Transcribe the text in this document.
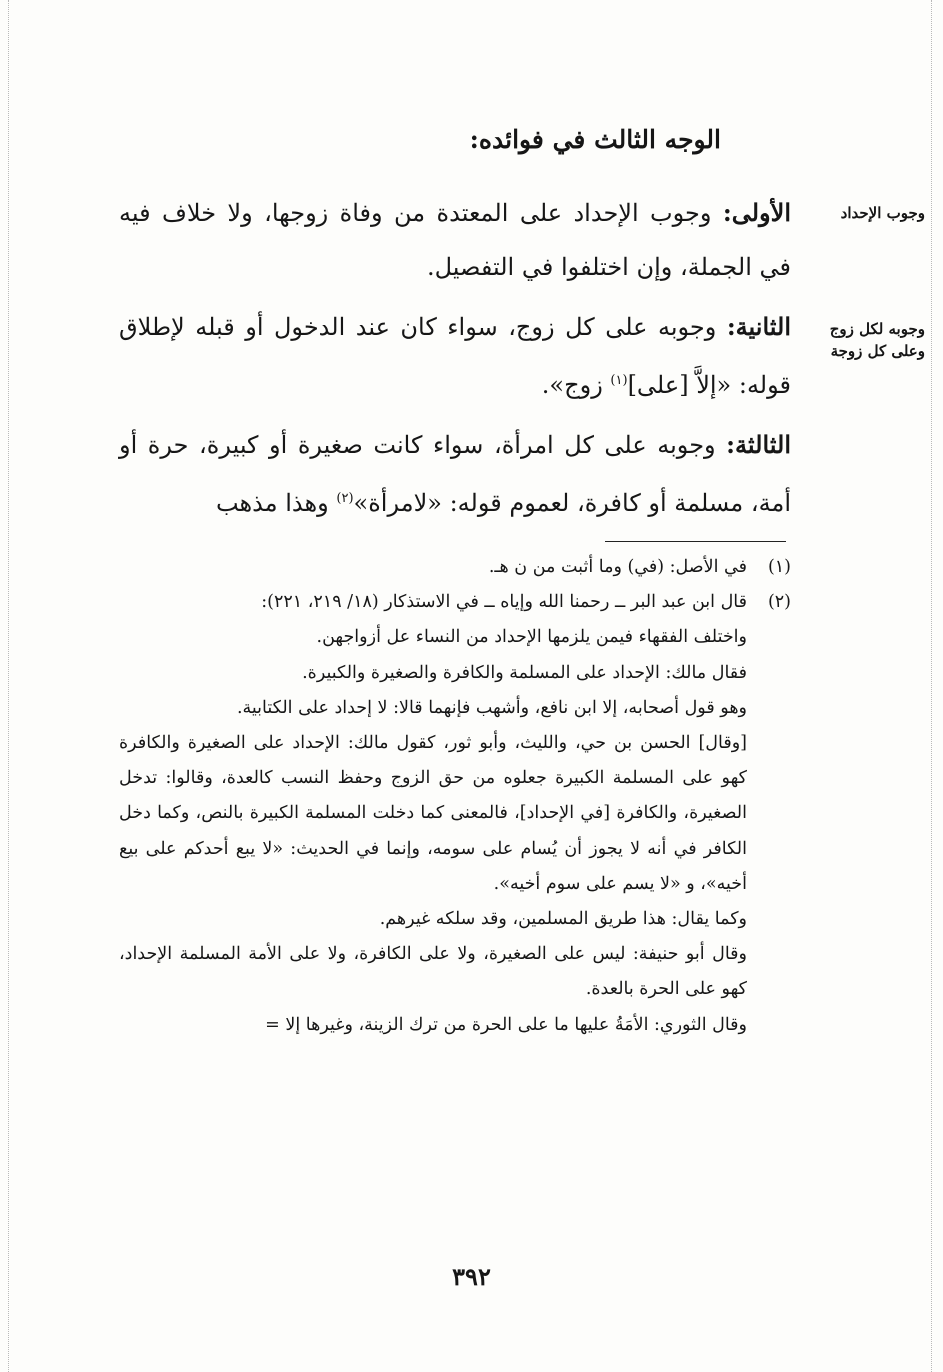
الوجه الثالث في فوائده:
وجوب الإحداد
وجوبه لكل زوج وعلى كل زوجة
الأولى: وجوب الإحداد على المعتدة من وفاة زوجها، ولا خلاف فيه في الجملة، وإن اختلفوا في التفصيل.
الثانية: وجوبه على كل زوج، سواء كان عند الدخول أو قبله لإطلاق قوله: «إلاَّ [على]$^{(١)}$ زوج».
الثالثة: وجوبه على كل امرأة، سواء كانت صغيرة أو كبيرة، حرة أو أمة، مسلمة أو كافرة، لعموم قوله: «لامرأة»$^{(٢)}$ وهذا مذهب
(١)
في الأصل: (في) وما أثبت من ن هـ.
(٢)
قال ابن عبد البر ــ رحمنا الله وإياه ــ في الاستذكار (١٨/ ٢١٩، ٢٢١):
واختلف الفقهاء فيمن يلزمها الإحداد من النساء عل أزواجهن.
فقال مالك: الإحداد على المسلمة والكافرة والصغيرة والكبيرة.
وهو قول أصحابه، إلا ابن نافع، وأشهب فإنهما قالا: لا إحداد على الكتابية.
[وقال] الحسن بن حي، والليث، وأبو ثور، كقول مالك: الإحداد على الصغيرة والكافرة كهو على المسلمة الكبيرة جعلوه من حق الزوج وحفظ النسب كالعدة، وقالوا: تدخل الصغيرة، والكافرة [في الإحداد]، فالمعنى كما دخلت المسلمة الكبيرة بالنص، وكما دخل الكافر في أنه لا يجوز أن يُسام على سومه، وإنما في الحديث: «لا يبع أحدكم على بيع أخيه»، و «لا يسم على سوم أخيه».
وكما يقال: هذا طريق المسلمين، وقد سلكه غيرهم.
وقال أبو حنيفة: ليس على الصغيرة، ولا على الكافرة، ولا على الأمة المسلمة الإحداد، كهو على الحرة بالعدة.
وقال الثوري: الأمَةُ عليها ما على الحرة من ترك الزينة، وغيرها إلا =
٣٩٢
